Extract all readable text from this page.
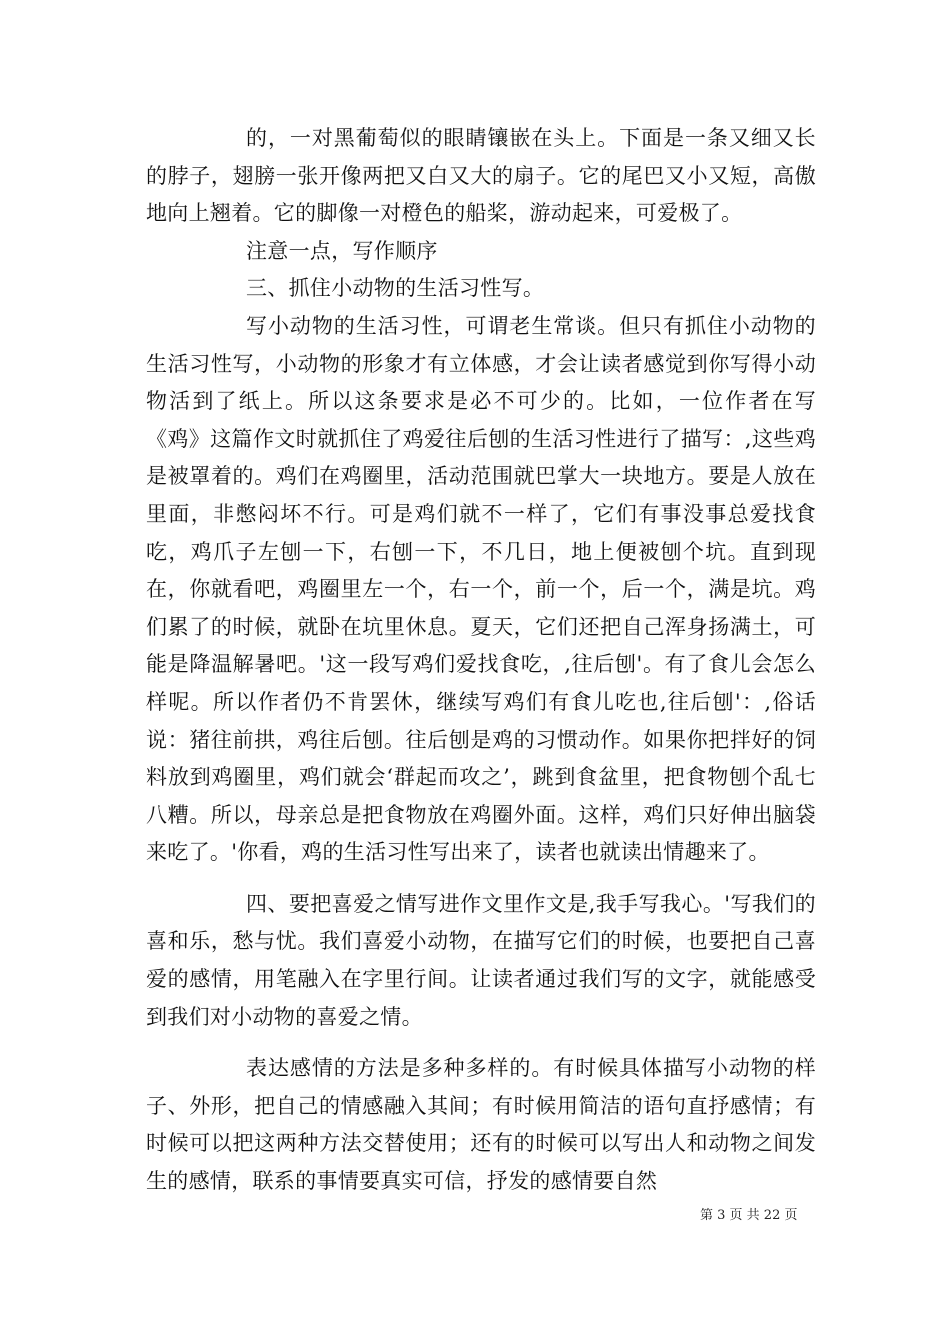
的，一对黑葡萄似的眼睛镶嵌在头上。下面是一条又细又长的脖子，翅膀一张开像两把又白又大的扇子。它的尾巴又小又短，高傲地向上翘着。它的脚像一对橙色的船桨，游动起来，可爱极了。

注意一点，写作顺序

三、抓住小动物的生活习性写。

写小动物的生活习性，可谓老生常谈。但只有抓住小动物的生活习性写，小动物的形象才有立体感，才会让读者感觉到你写得小动物活到了纸上。所以这条要求是必不可少的。比如，一位作者在写《鸡》这篇作文时就抓住了鸡爱往后刨的生活习性进行了描写：,这些鸡是被罩着的。鸡们在鸡圈里，活动范围就巴掌大一块地方。要是人放在里面，非憋闷坏不行。可是鸡们就不一样了，它们有事没事总爱找食吃，鸡爪子左刨一下，右刨一下，不几日，地上便被刨个坑。直到现在，你就看吧，鸡圈里左一个，右一个，前一个，后一个，满是坑。鸡们累了的时候，就卧在坑里休息。夏天，它们还把自己浑身扬满土，可能是降温解暑吧。'这一段写鸡们爱找食吃，,往后刨'。有了食儿会怎么样呢。所以作者仍不肯罢休，继续写鸡们有食儿吃也,往后刨'：,俗话说：猪往前拱，鸡往后刨。往后刨是鸡的习惯动作。如果你把拌好的饲料放到鸡圈里，鸡们就会‘群起而攻之’，跳到食盆里，把食物刨个乱七八糟。所以，母亲总是把食物放在鸡圈外面。这样，鸡们只好伸出脑袋来吃了。'你看，鸡的生活习性写出来了，读者也就读出情趣来了。

四、要把喜爱之情写进作文里作文是,我手写我心。'写我们的喜和乐，愁与忧。我们喜爱小动物，在描写它们的时候，也要把自己喜爱的感情，用笔融入在字里行间。让读者通过我们写的文字，就能感受到我们对小动物的喜爱之情。

表达感情的方法是多种多样的。有时候具体描写小动物的样子、外形，把自己的情感融入其间；有时候用简洁的语句直抒感情；有时候可以把这两种方法交替使用；还有的时候可以写出人和动物之间发生的感情，联系的事情要真实可信，抒发的感情要自然

第 3 页 共 22 页
